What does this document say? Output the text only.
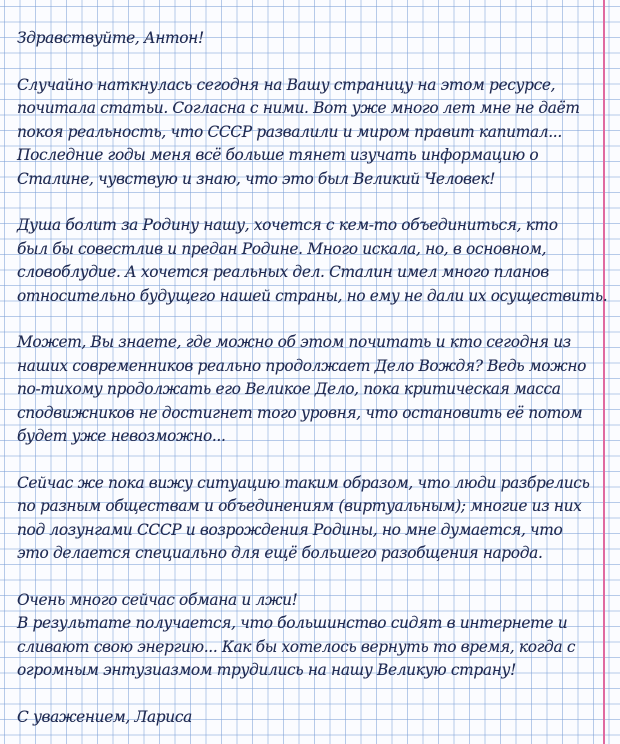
Здравствуйте, Антон!
Случайно наткнулась сегодня на Вашу страницу на этом ресурсе,
почитала статьи. Согласна с ними. Вот уже много лет мне не даёт
покоя реальность, что СССР развалили и миром правит капитал...
Последние годы меня всё больше тянет изучать информацию о
Сталине, чувствую и знаю, что это был Великий Человек!
Душа болит за Родину нашу, хочется с кем-то объединиться, кто
был бы совестлив и предан Родине. Много искала, но, в основном,
словоблудие. А хочется реальных дел. Сталин имел много планов
относительно будущего нашей страны, но ему не дали их осуществить.
Может, Вы знаете, где можно об этом почитать и кто сегодня из
наших современников реально продолжает Дело Вождя? Ведь можно
по-тихому продолжать его Великое Дело, пока критическая масса
сподвижников не достигнет того уровня, что остановить её потом
будет уже невозможно...
Сейчас же пока вижу ситуацию таким образом, что люди разбрелись
по разным обществам и объединениям (виртуальным); многие из них
под лозунгами СССР и возрождения Родины, но мне думается, что
это делается специально для ещё большего разобщения народа.
Очень много сейчас обмана и лжи!
В результате получается, что большинство сидят в интернете и
сливают свою энергию... Как бы хотелось вернуть то время, когда с
огромным энтузиазмом трудились на нашу Великую страну!
С уважением, Лариса
